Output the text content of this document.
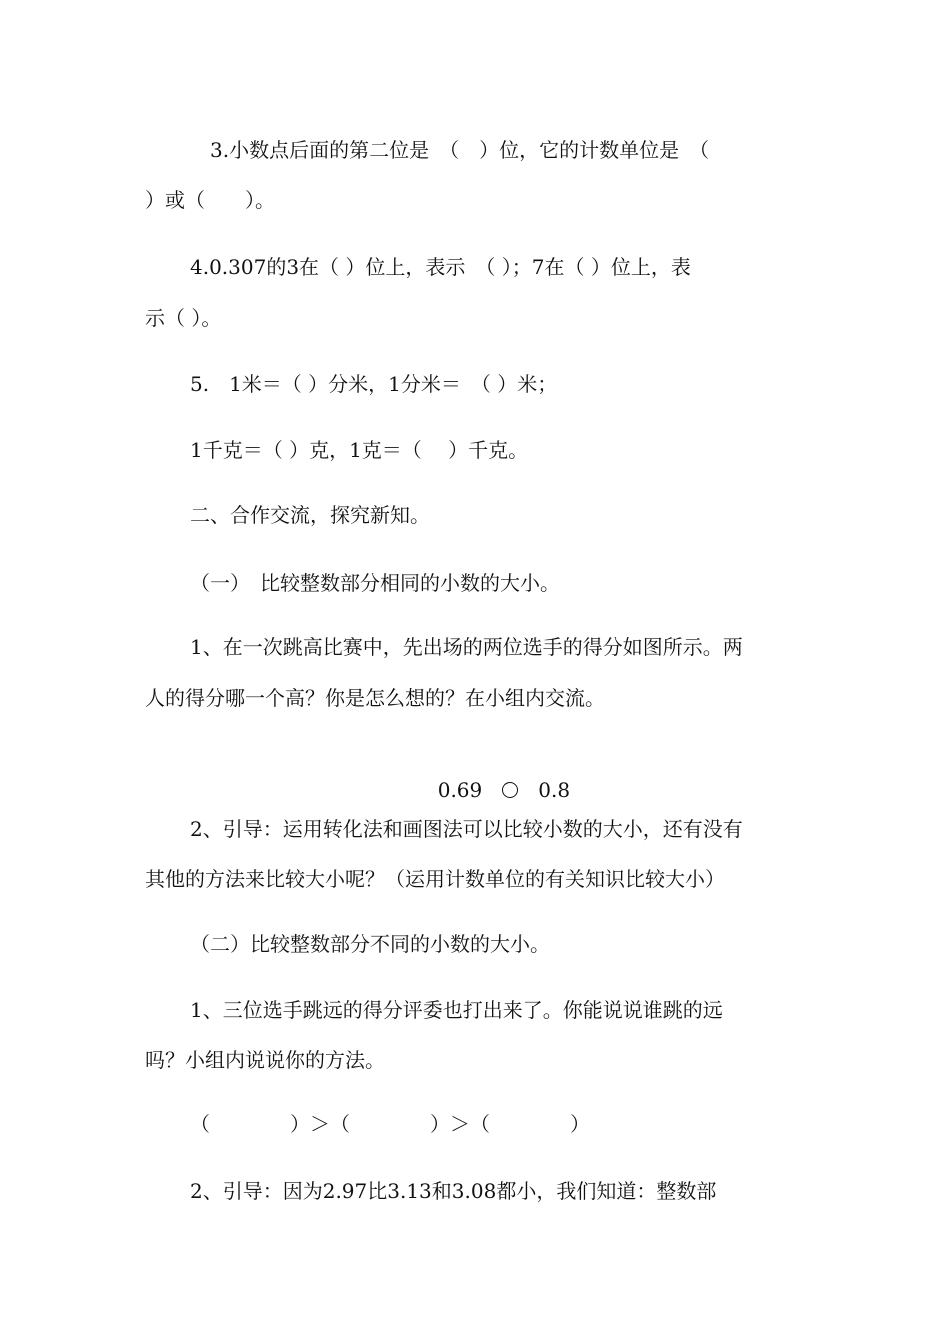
3.小数点后面的第二位是　（　）位，它的计数单位是　（

）或（　　）。

4.0.307的3在（ ）位上，表示　（ ）；7在（ ）位上，表

示（ ）。

5.　1米＝（ ）分米，1分米＝　（ ）米；

1千克＝（ ）克，1克＝（　 ）千克。

二、合作交流，探究新知。

（一）　比较整数部分相同的小数的大小。

1、在一次跳高比赛中，先出场的两位选手的得分如图所示。两

人的得分哪一个高？你是怎么想的？在小组内交流。

0.69　　	0.8

2、引导：运用转化法和画图法可以比较小数的大小，还有没有

其他的方法来比较大小呢？（运用计数单位的有关知识比较大小）

（二）比较整数部分不同的小数的大小。

1、三位选手跳远的得分评委也打出来了。你能说说谁跳的远

吗？小组内说说你的方法。

（　　　　）＞（　　　　）＞（　　　　）

2、引导：因为2.97比3.13和3.08都小，我们知道：整数部
